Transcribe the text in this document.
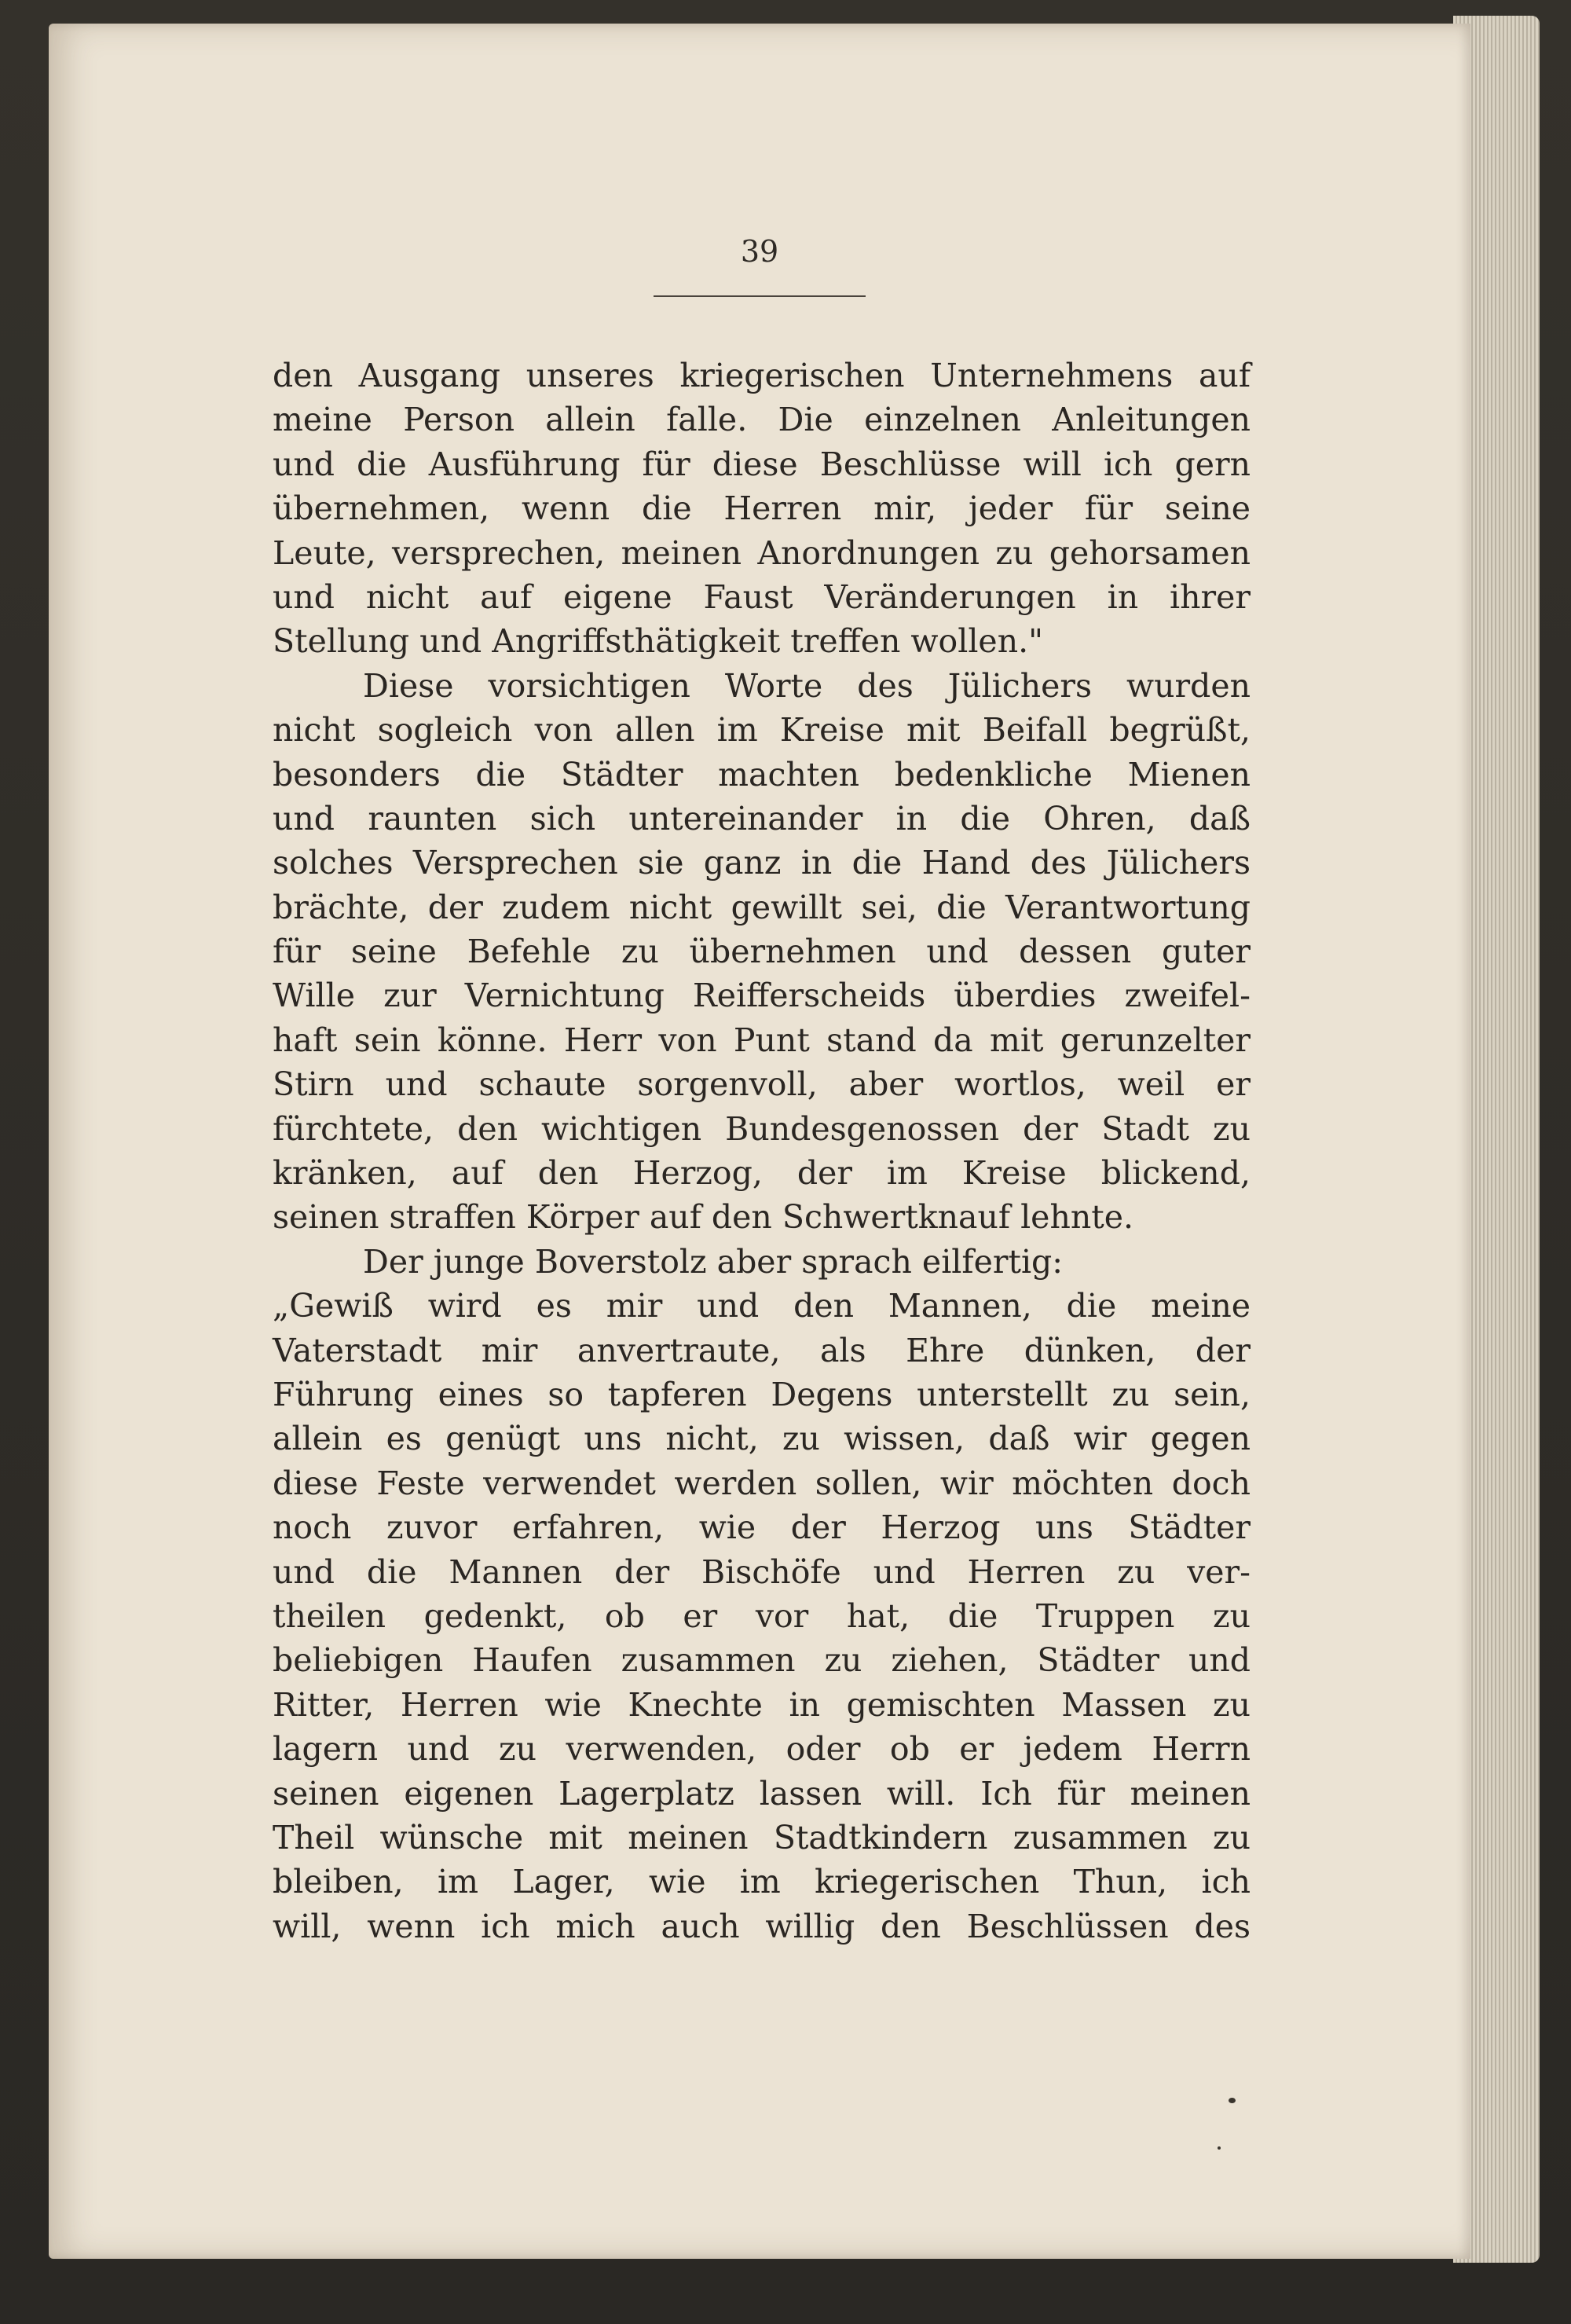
39
den Ausgang unseres kriegerischen Unternehmens auf
meine Person allein falle. Die einzelnen Anleitungen
und die Ausführung für diese Beschlüsse will ich gern
übernehmen, wenn die Herren mir, jeder für seine
Leute, versprechen, meinen Anordnungen zu gehorsamen
und nicht auf eigene Faust Veränderungen in ihrer
Stellung und Angriffsthätigkeit treffen wollen."
Diese vorsichtigen Worte des Jülichers wurden
nicht sogleich von allen im Kreise mit Beifall begrüßt,
besonders die Städter machten bedenkliche Mienen
und raunten sich untereinander in die Ohren, daß
solches Versprechen sie ganz in die Hand des Jülichers
brächte, der zudem nicht gewillt sei, die Verantwortung
für seine Befehle zu übernehmen und dessen guter
Wille zur Vernichtung Reifferscheids überdies zweifel-
haft sein könne. Herr von Punt stand da mit gerunzelter
Stirn und schaute sorgenvoll, aber wortlos, weil er
fürchtete, den wichtigen Bundesgenossen der Stadt zu
kränken, auf den Herzog, der im Kreise blickend,
seinen straffen Körper auf den Schwertknauf lehnte.
Der junge Boverstolz aber sprach eilfertig:
„Gewiß wird es mir und den Mannen, die meine
Vaterstadt mir anvertraute, als Ehre dünken, der
Führung eines so tapferen Degens unterstellt zu sein,
allein es genügt uns nicht, zu wissen, daß wir gegen
diese Feste verwendet werden sollen, wir möchten doch
noch zuvor erfahren, wie der Herzog uns Städter
und die Mannen der Bischöfe und Herren zu ver-
theilen gedenkt, ob er vor hat, die Truppen zu
beliebigen Haufen zusammen zu ziehen, Städter und
Ritter, Herren wie Knechte in gemischten Massen zu
lagern und zu verwenden, oder ob er jedem Herrn
seinen eigenen Lagerplatz lassen will. Ich für meinen
Theil wünsche mit meinen Stadtkindern zusammen zu
bleiben, im Lager, wie im kriegerischen Thun, ich
will, wenn ich mich auch willig den Beschlüssen des
